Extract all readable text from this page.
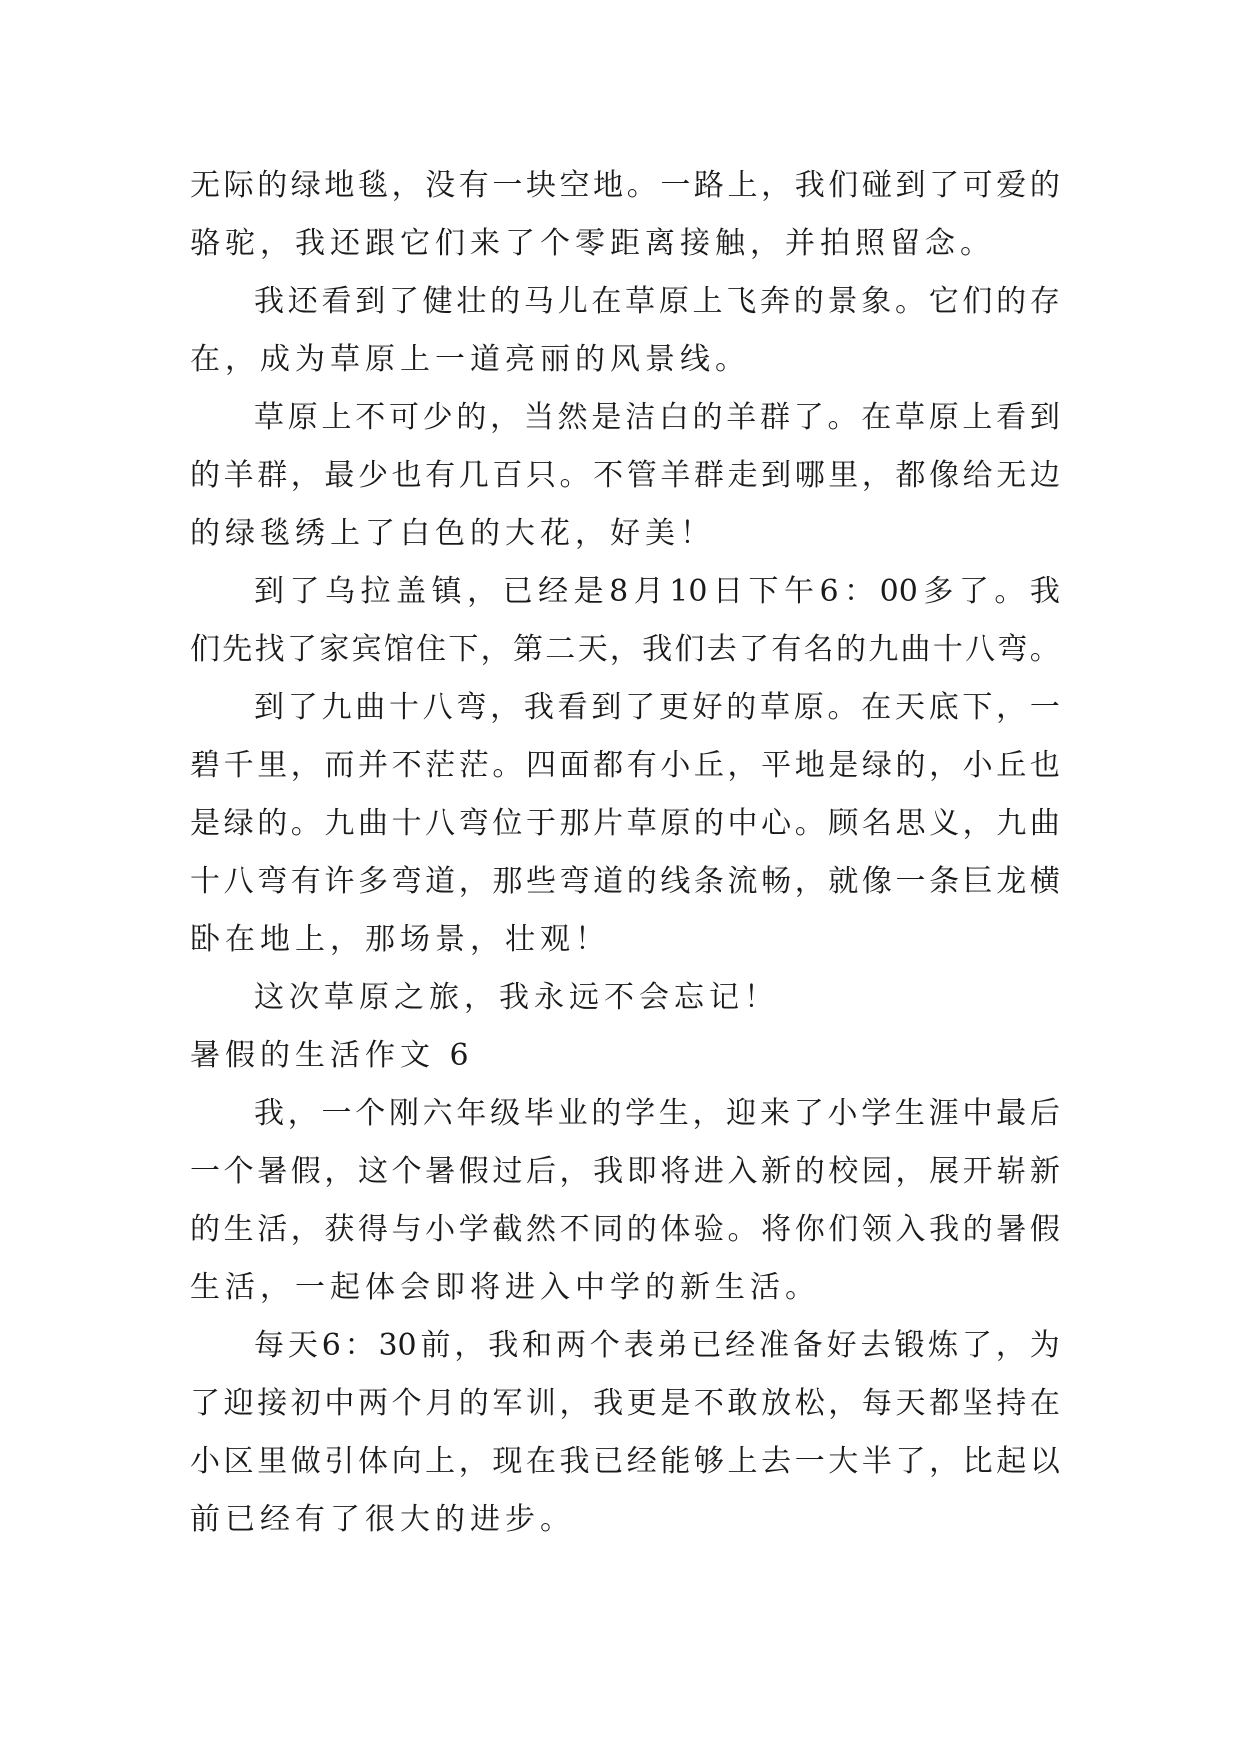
无 际 的 绿 地 毯 ， 没 有 一 块 空 地 。 一 路 上 ， 我 们 碰 到 了 可 爱 的
骆驼，我还跟它们来了个零距离接触，并拍照留念。
我 还 看 到 了 健 壮 的 马 儿 在 草 原 上 飞 奔 的 景 象 。 它 们 的 存
在，成为草原上一道亮丽的风景线。
草 原 上 不 可 少 的 ， 当 然 是 洁 白 的 羊 群 了 。 在 草 原 上 看 到
的 羊 群 ， 最 少 也 有 几 百 只 。 不 管 羊 群 走 到 哪 里 ， 都 像 给 无 边
的绿毯绣上了白色的大花，好美！
到 了 乌 拉 盖 镇 ， 已 经 是 8 月 10 日 下 午 6 ： 00 多 了 。 我
们 先 找 了 家 宾 馆 住 下 ， 第 二 天 ， 我 们 去 了 有 名 的 九 曲 十 八 弯 。
到 了 九 曲 十 八 弯 ， 我 看 到 了 更 好 的 草 原 。 在 天 底 下 ， 一
碧 千 里 ， 而 并 不 茫 茫 。 四 面 都 有 小 丘 ， 平 地 是 绿 的 ， 小 丘 也
是 绿 的 。 九 曲 十 八 弯 位 于 那 片 草 原 的 中 心 。 顾 名 思 义 ， 九 曲
十 八 弯 有 许 多 弯 道 ， 那 些 弯 道 的 线 条 流 畅 ， 就 像 一 条 巨 龙 横
卧在地上，那场景，壮观！
这次草原之旅，我永远不会忘记！
暑假的生活作文 6
我 ， 一 个 刚 六 年 级 毕 业 的 学 生 ， 迎 来 了 小 学 生 涯 中 最 后
一 个 暑 假 ， 这 个 暑 假 过 后 ， 我 即 将 进 入 新 的 校 园 ， 展 开 崭 新
的 生 活 ， 获 得 与 小 学 截 然 不 同 的 体 验 。 将 你 们 领 入 我 的 暑 假
生活，一起体会即将进入中学的新生活。
每 天 6 ： 30 前 ， 我 和 两 个 表 弟 已 经 准 备 好 去 锻 炼 了 ， 为
了 迎 接 初 中 两 个 月 的 军 训 ， 我 更 是 不 敢 放 松 ， 每 天 都 坚 持 在
小 区 里 做 引 体 向 上 ， 现 在 我 已 经 能 够 上 去 一 大 半 了 ， 比 起 以
前已经有了很大的进步。
